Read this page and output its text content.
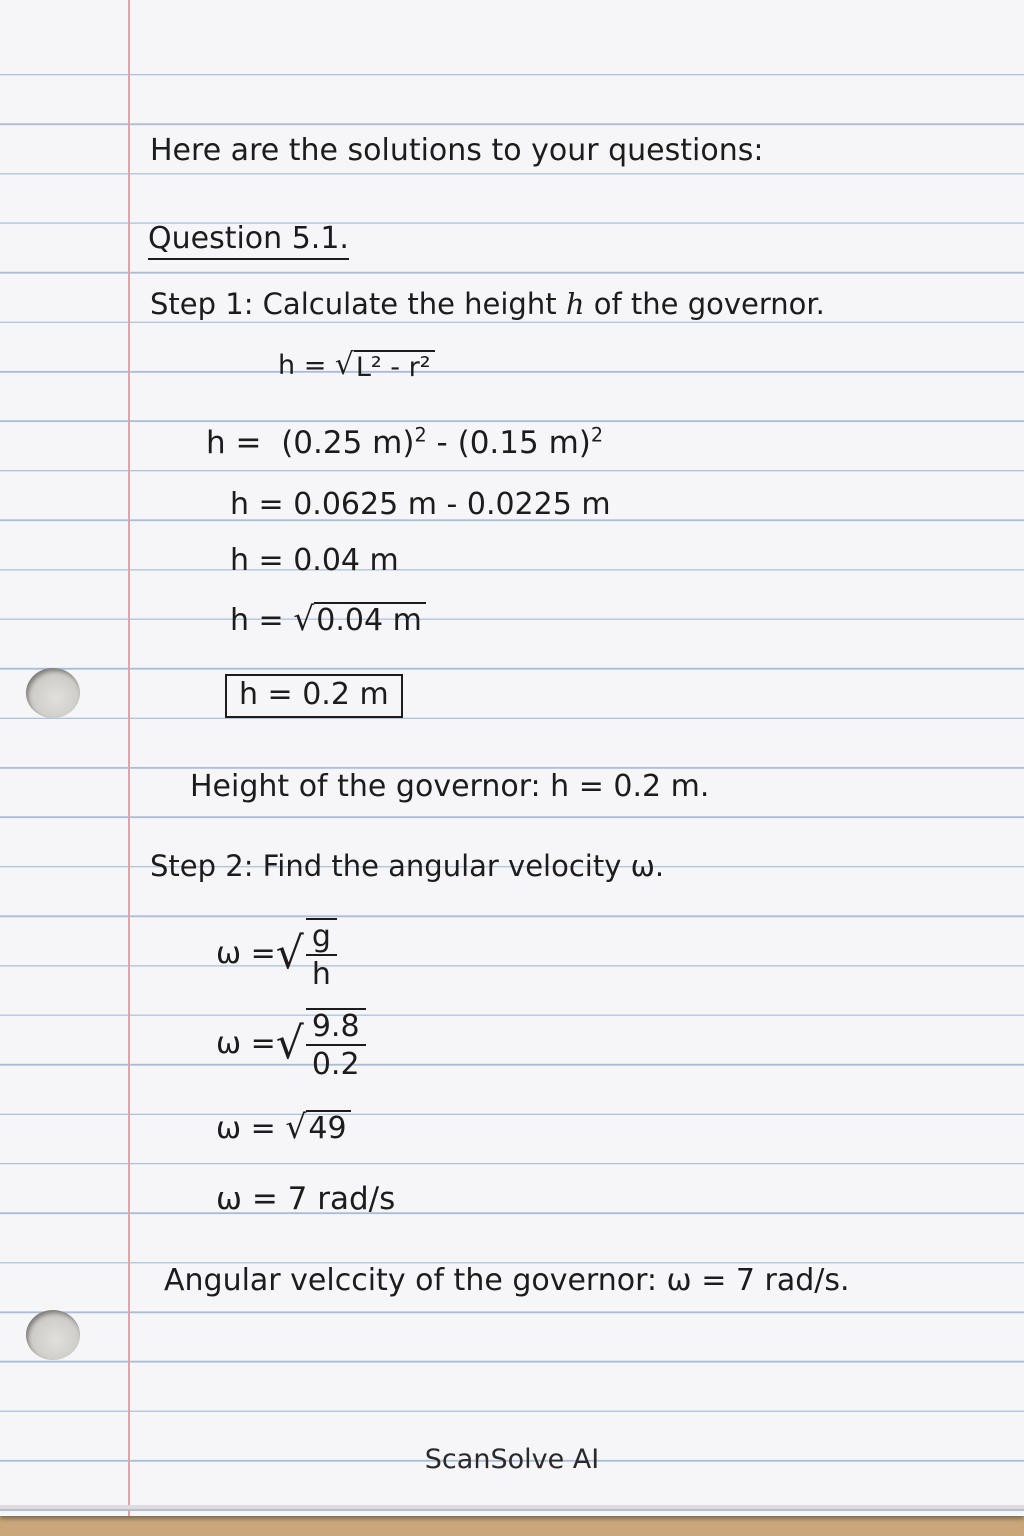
Here are the solutions to your questions:
Question 5.1.
Step 1: Calculate the height h of the governor.
h = √ L² - r²
h =  (0.25 m)$^2$ - (0.15 m)$^2$
h = 0.0625 m - 0.0225 m
h = 0.04 m
h = √ 0.04 m
h = 0.2 m
Height of the governor: h = 0.2 m.
Step 2: Find the angular velocity ω.
ω = √ $\frac{g}{h}$
ω = √ $\frac{9.8}{0.2}$
ω = √ 49
ω = 7 rad/s
Angular velccity of the governor: ω = 7 rad/s.
ScanSolve AI
